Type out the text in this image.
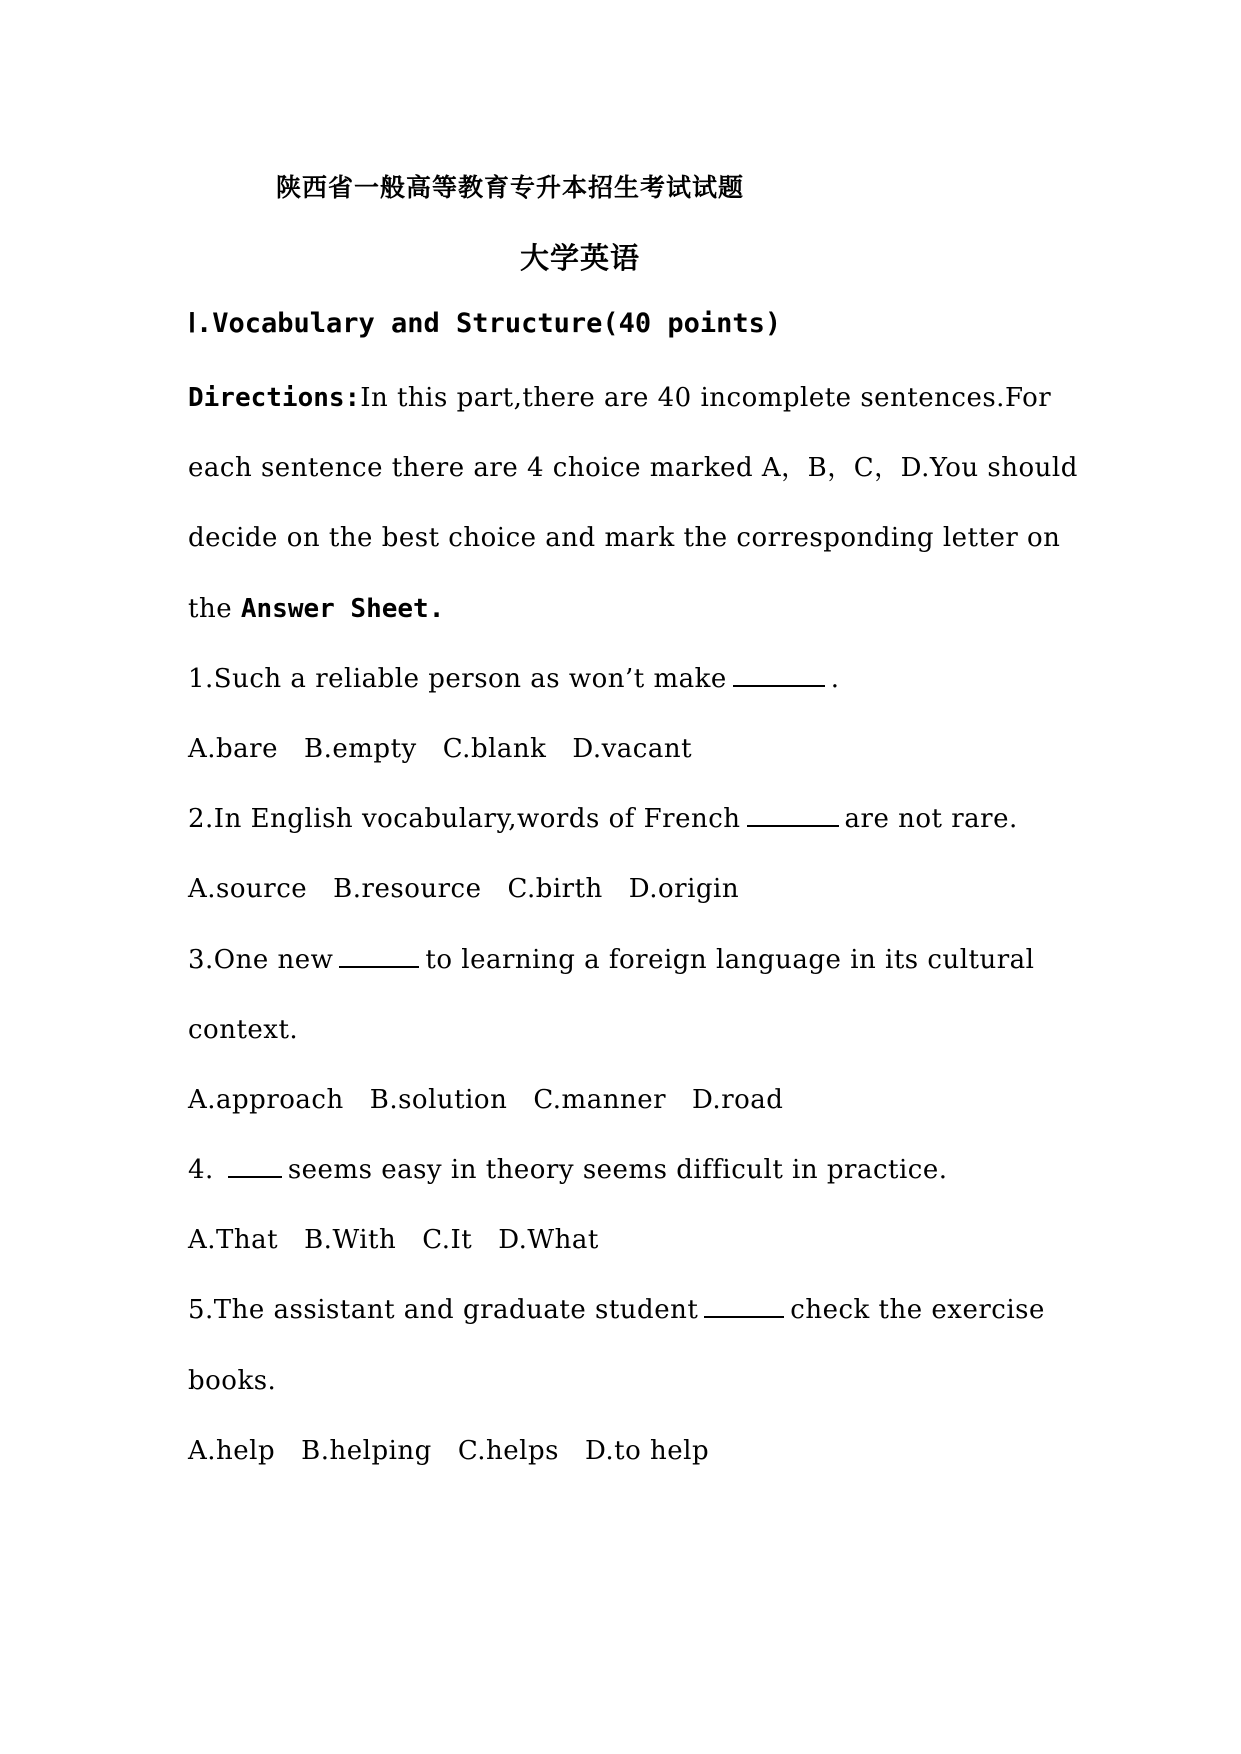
陕西省一般高等教育专升本招生考试试题
大学英语
Ⅰ.Vocabulary and Structure(40 points)
Directions:In this part,there are 40 incomplete sentences.For
each sentence there are 4 choice marked A，B，C，D.You should
decide on the best choice and mark the corresponding letter on
the Answer Sheet.
1.Such a reliable person as won’t make	.
A.bare B.empty C.blank D.vacant
2.In English vocabulary,words of French	are not rare.
A.source B.resource C.birth D.origin
3.One new	to learning a foreign language in its cultural
context.
A.approach B.solution C.manner D.road
4.	seems easy in theory seems difficult in practice.
A.That B.With C.It D.What
5.The assistant and graduate student	check the exercise
books.
A.help B.helping C.helps D.to help
